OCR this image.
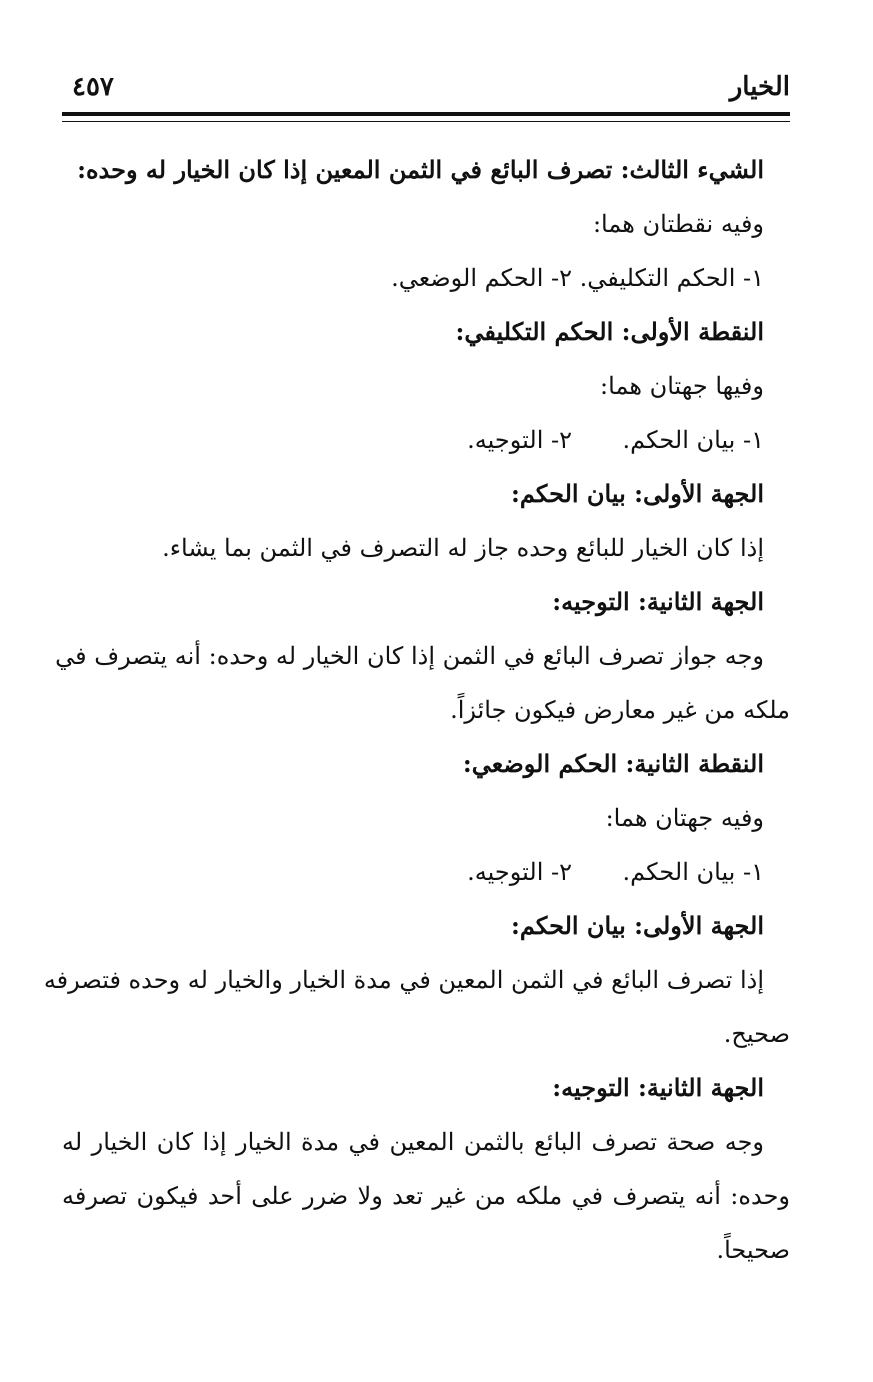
الخيار
٤٥٧
الشيء الثالث: تصرف البائع في الثمن المعين إذا كان الخيار له وحده:
وفيه نقطتان هما:
١- الحكم التكليفي.
٢- الحكم الوضعي.
النقطة الأولى: الحكم التكليفي:
وفيها جهتان هما:
١- بيان الحكم.
٢- التوجيه.
الجهة الأولى: بيان الحكم:
إذا كان الخيار للبائع وحده جاز له التصرف في الثمن بما يشاء.
الجهة الثانية: التوجيه:
وجه جواز تصرف البائع في الثمن إذا كان الخيار له وحده: أنه يتصرف في
ملكه من غير معارض فيكون جائزاً.
النقطة الثانية: الحكم الوضعي:
وفيه جهتان هما:
١- بيان الحكم.
٢- التوجيه.
الجهة الأولى: بيان الحكم:
إذا تصرف البائع في الثمن المعين في مدة الخيار والخيار له وحده فتصرفه
صحيح.
الجهة الثانية: التوجيه:
وجه صحة تصرف البائع بالثمن المعين في مدة الخيار إذا كان الخيار له
وحده: أنه يتصرف في ملكه من غير تعد ولا ضرر على أحد فيكون تصرفه
صحيحاً.
